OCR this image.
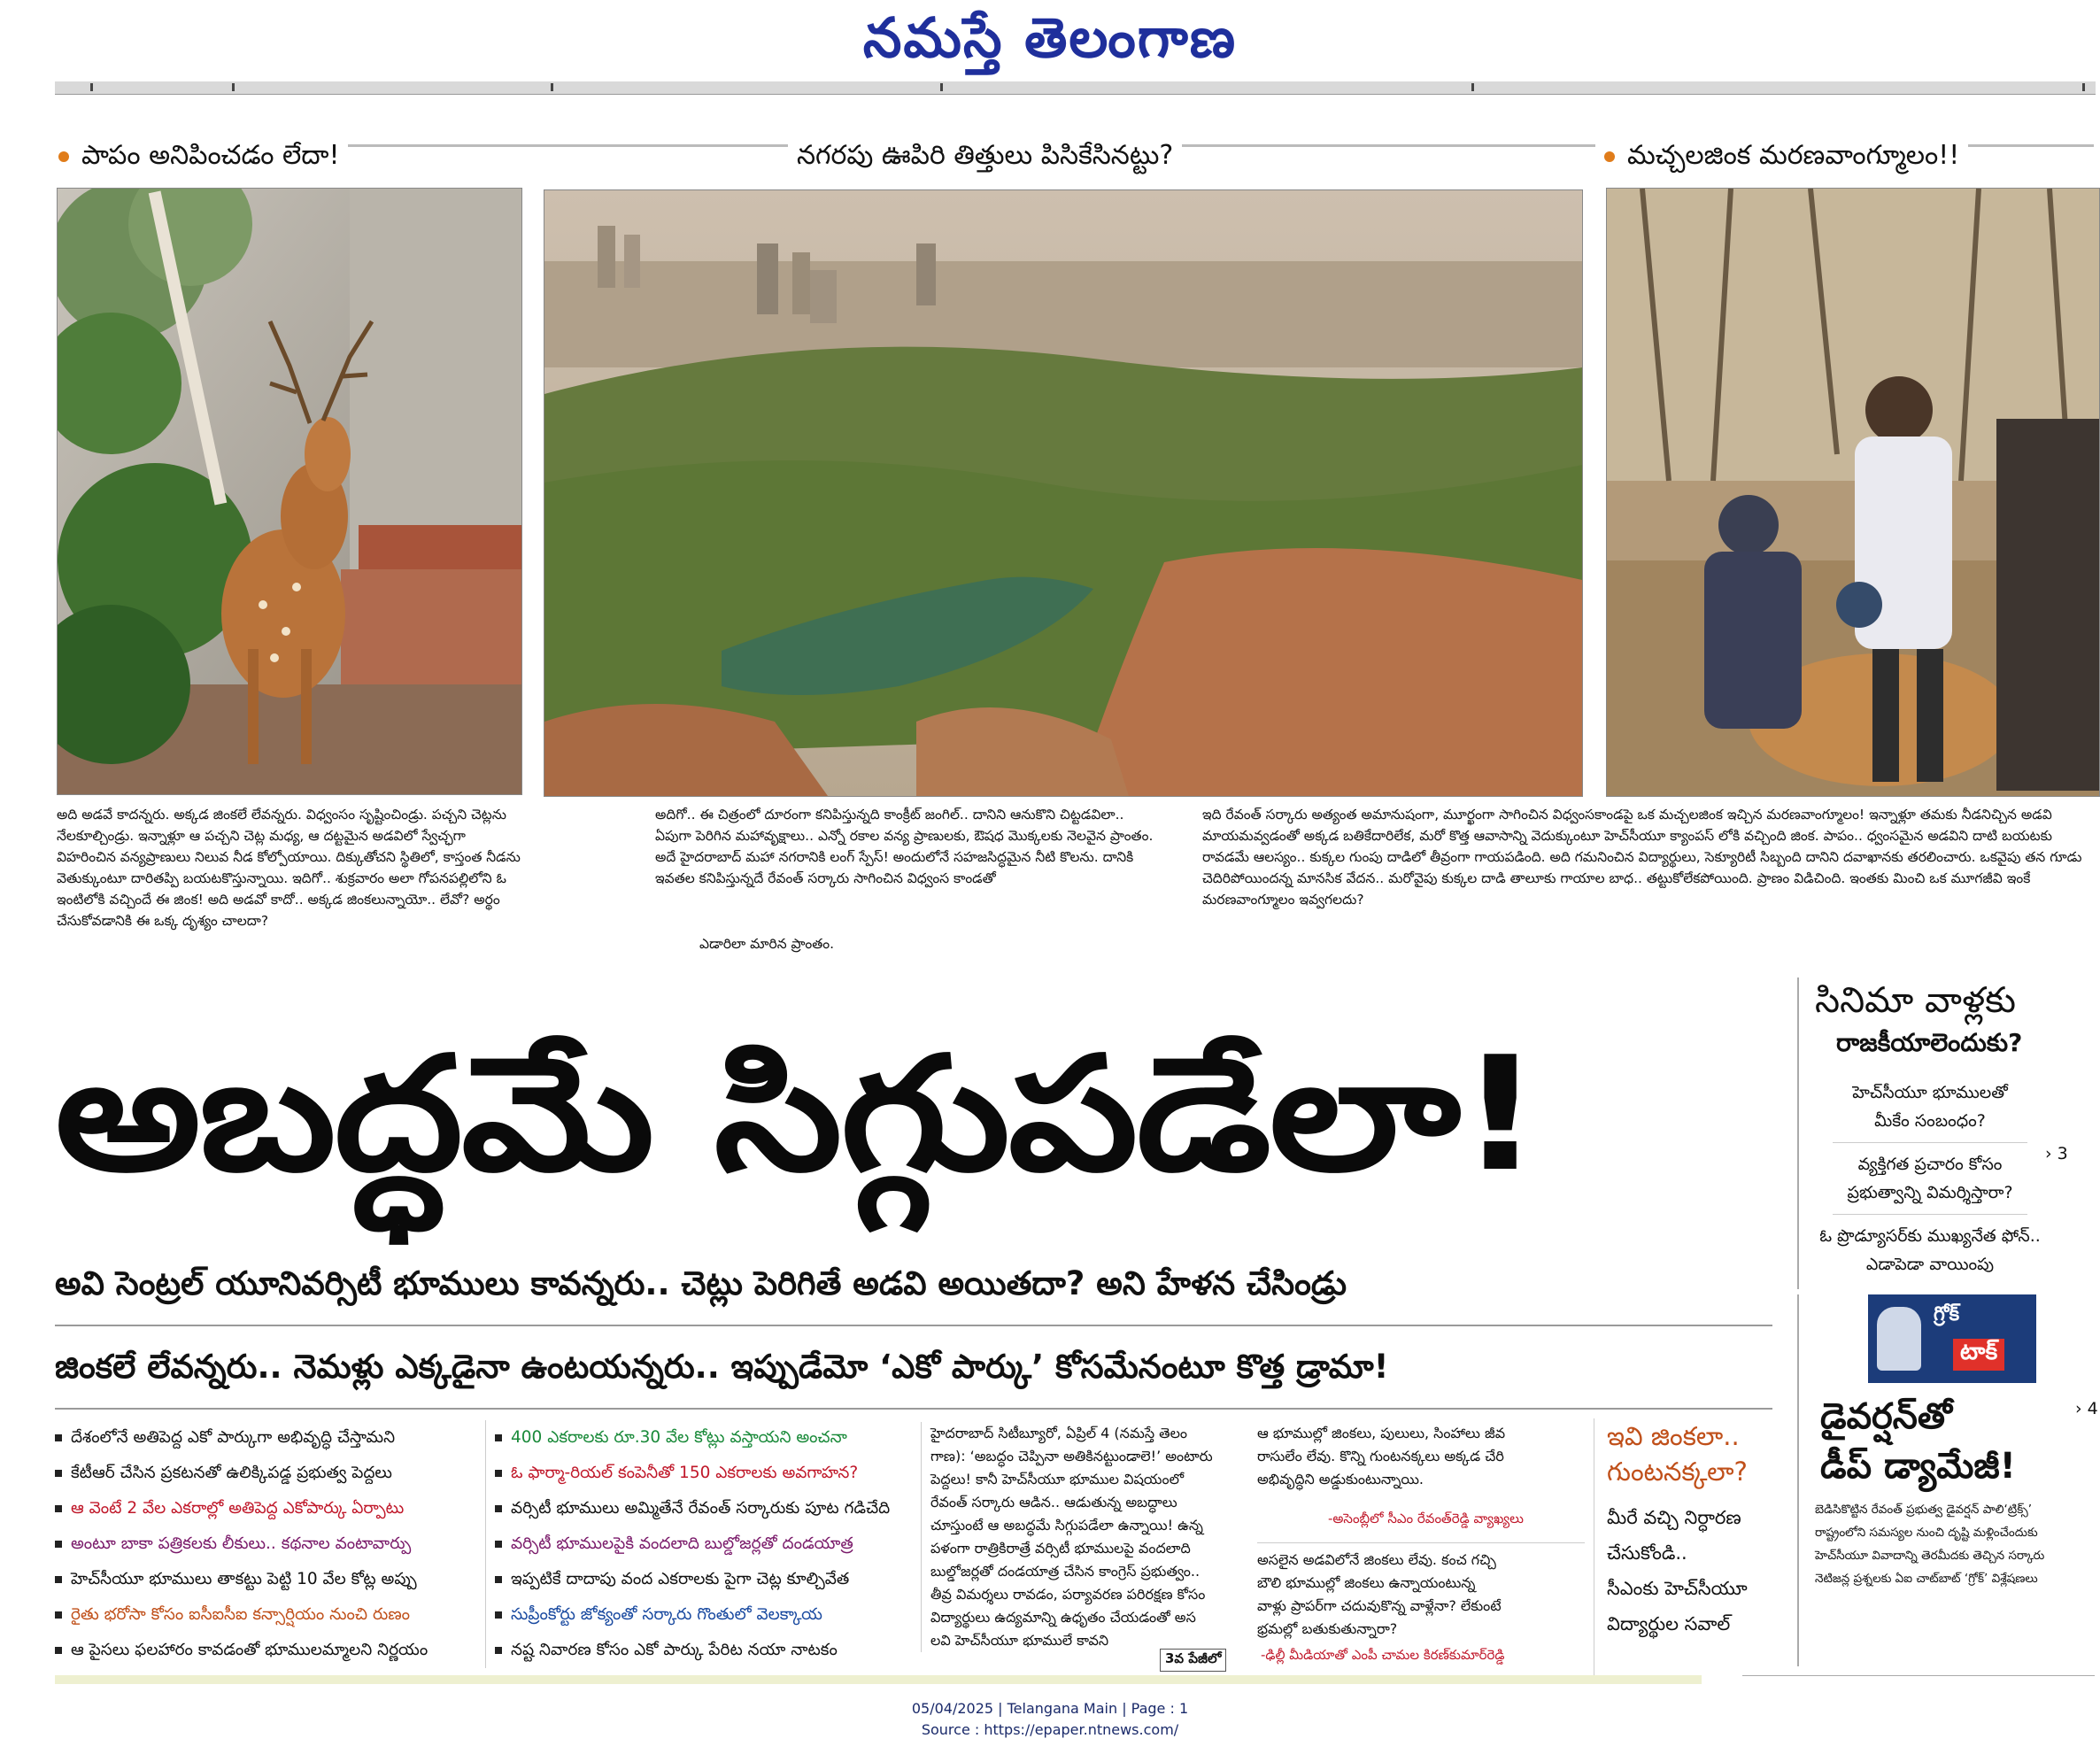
నమస్తే తెలంగాణ
పాపం అనిపించడం లేదా!	నగరపు ఊపిరి తిత్తులు పిసికేసినట్టు?	మచ్చలజింక మరణవాంగ్మూలం!!
అది అడవే కాదన్నరు. అక్కడ జింకలే లేవన్నరు. విధ్వంసం సృష్టించిండ్రు. పచ్చని చెట్లను నేలకూల్చిండ్రు. ఇన్నాళ్లూ ఆ పచ్చని చెట్ల మధ్య, ఆ దట్టమైన అడవిలో స్వేచ్ఛగా విహరించిన వన్యప్రాణులు నిలువ నీడ కోల్పోయాయి. దిక్కుతోచని స్థితిలో, కాస్తంత నీడను వెతుక్కుంటూ దారితప్పి బయటకొస్తున్నాయి. ఇదిగో.. శుక్రవారం అలా గోపనపల్లిలోని ఓ ఇంటిలోకి వచ్చిందే ఈ జింక! అది అడవో కాదో.. అక్కడ జింకలున్నాయో.. లేవో? అర్థం చేసుకోవడానికి ఈ ఒక్క దృశ్యం చాలదా?
అదిగో.. ఈ చిత్రంలో దూరంగా కనిపిస్తున్నది కాంక్రీట్ జంగిల్.. దానిని ఆనుకొని చిట్టడవిలా.. ఏపుగా పెరిగిన మహావృక్షాలు.. ఎన్నో రకాల వన్య ప్రాణులకు, ఔషధ మొక్కలకు నెలవైన ప్రాంతం. అదే హైదరాబాద్ మహా నగరానికి లంగ్ స్పేస్! అందులోనే సహజసిద్ధమైన నీటి కొలను. దానికి ఇవతల కనిపిస్తున్నదే రేవంత్ సర్కారు సాగించిన విధ్వంస కాండతో
ఎడారిలా మారిన ప్రాంతం.
ఇది రేవంత్ సర్కారు అత్యంత అమానుషంగా, మూర్ఖంగా సాగించిన విధ్వంసకాండపై ఒక మచ్చలజింక ఇచ్చిన మరణవాంగ్మూలం! ఇన్నాళ్లూ తమకు నీడనిచ్చిన అడవి మాయమవ్వడంతో అక్కడ బతికేదారిలేక, మరో కొత్త ఆవాసాన్ని వెదుక్కుంటూ హెచ్‌సీయూ క్యాంపస్ లోకి వచ్చింది జింక. పాపం.. ధ్వంసమైన అడవిని దాటి బయటకు రావడమే ఆలస్యం.. కుక్కల గుంపు దాడిలో తీవ్రంగా గాయపడింది. అది గమనించిన విద్యార్థులు, సెక్యూరిటీ సిబ్బంది దానిని దవాఖానకు తరలించారు. ఒకవైపు తన గూడు చెదిరిపోయిందన్న మానసిక వేదన.. మరోవైపు కుక్కల దాడి తాలూకు గాయాల బాధ.. తట్టుకోలేకపోయింది. ప్రాణం విడిచింది. ఇంతకు మించి ఒక మూగజీవి ఇంకే మరణవాంగ్మూలం ఇవ్వగలదు?
అబద్ధమే సిగ్గుపడేలా!
అవి సెంట్రల్ యూనివర్సిటీ భూములు కావన్నరు.. చెట్లు పెరిగితే అడవి అయితదా? అని హేళన చేసిండ్రు
జింకలే లేవన్నరు.. నెమళ్లు ఎక్కడైనా ఉంటయన్నరు.. ఇప్పుడేమో ‘ఎకో పార్కు’ కోసమేనంటూ కొత్త డ్రామా!
దేశంలోనే అతిపెద్ద ఎకో పార్కుగా అభివృద్ధి చేస్తామని
కేటీఆర్ చేసిన ప్రకటనతో ఉలిక్కిపడ్డ ప్రభుత్వ పెద్దలు
ఆ వెంటే 2 వేల ఎకరాల్లో అతిపెద్ద ఎకోపార్కు ఏర్పాటు
అంటూ బాకా పత్రికలకు లీకులు.. కథనాల వంటావార్పు
హెచ్‌సీయూ భూములు తాకట్టు పెట్టి 10 వేల కోట్ల అప్పు
రైతు భరోసా కోసం ఐసీఐసీఐ కన్సార్షియం నుంచి రుణం
ఆ పైసలు ఫలహారం కావడంతో భూములమ్మాలని నిర్ణయం
400 ఎకరాలకు రూ.30 వేల కోట్లు వస్తాయని అంచనా
ఓ ఫార్మా-రియల్ కంపెనీతో 150 ఎకరాలకు అవగాహన?
వర్సిటీ భూములు అమ్మితేనే రేవంత్ సర్కారుకు పూట గడిచేది
వర్సిటీ భూములపైకి వందలాది బుల్డోజర్లతో దండయాత్ర
ఇప్పటికే దాదాపు వంద ఎకరాలకు పైగా చెట్ల కూల్చివేత
సుప్రీంకోర్టు జోక్యంతో సర్కారు గొంతులో వెలక్కాయ
నష్ట నివారణ కోసం ఎకో పార్కు పేరిట నయా నాటకం
హైదరాబాద్ సిటీబ్యూరో, ఏప్రిల్ 4 (నమస్తే తెలం
గాణ): ‘అబద్ధం చెప్పినా అతికినట్టుండాలె!’ అంటారు
పెద్దలు! కానీ హెచ్‌సీయూ భూముల విషయంలో
రేవంత్ సర్కారు ఆడిన.. ఆడుతున్న అబద్ధాలు
చూస్తుంటే ఆ అబద్ధమే సిగ్గుపడేలా ఉన్నాయి! ఉన్న
పళంగా రాత్రికిరాత్రే వర్సిటీ భూములపై వందలాది
బుల్డోజర్లతో దండయాత్ర చేసిన కాంగ్రెస్ ప్రభుత్వం..
తీవ్ర విమర్శలు రావడం, పర్యావరణ పరిరక్షణ కోసం
విద్యార్థులు ఉద్యమాన్ని ఉధృతం చేయడంతో అస
లవి హెచ్‌సీయూ భూములే కావని
3వ పేజీలో
ఆ భూముల్లో జింకలు, పులులు, సింహాలు జీవ
రాసులేం లేవు. కొన్ని గుంటనక్కలు అక్కడ చేరి
అభివృద్ధిని అడ్డుకుంటున్నాయి.
-అసెంబ్లీలో సీఎం రేవంత్‌రెడ్డి వ్యాఖ్యలు
అసలైన అడవిలోనే జింకలు లేవు. కంచ గచ్చి
బౌలి భూముల్లో జింకలు ఉన్నాయంటున్న
వాళ్లు ప్రాపర్‌గా చదువుకొన్న వాళ్లేనా? లేకుంటే
భ్రమల్లో బతుకుతున్నారా?
-ఢిల్లీ మీడియాతో ఎంపీ చామల కిరణ్‌కుమార్‌రెడ్డి
ఇవి జింకలా..
గుంటనక్కలా?
మీరే వచ్చి నిర్ధారణ
చేసుకోండి..
సీఎంకు హెచ్‌సీయూ
విద్యార్థుల సవాల్
సినిమా వాళ్లకు
రాజకీయాలెందుకు?
హెచ్‌సీయూ భూములతో
మీకేం సంబంధం?
వ్యక్తిగత ప్రచారం కోసం
ప్రభుత్వాన్ని విమర్శిస్తారా?
ఓ ప్రొడ్యూసర్‌కు ముఖ్యనేత ఫోన్..
ఎడాపెడా వాయింపు
› 3
గ్రోక్
టాక్
డైవర్షన్‌తో
డీప్ డ్యామేజీ!
› 4
బెడిసికొట్టిన రేవంత్ ప్రభుత్వ డైవర్షన్ పాలి‘ట్రిక్స్’
రాష్ట్రంలోని సమస్యల నుంచి దృష్టి మళ్లించేందుకు
హెచ్‌సీయూ వివాదాన్ని తెరమీదకు తెచ్చిన సర్కారు
నెటిజన్ల ప్రశ్నలకు ఏఐ చాట్‌బాట్ ‘గ్రోక్’ విశ్లేషణలు
05/04/2025 | Telangana Main | Page : 1
Source : https://epaper.ntnews.com/
